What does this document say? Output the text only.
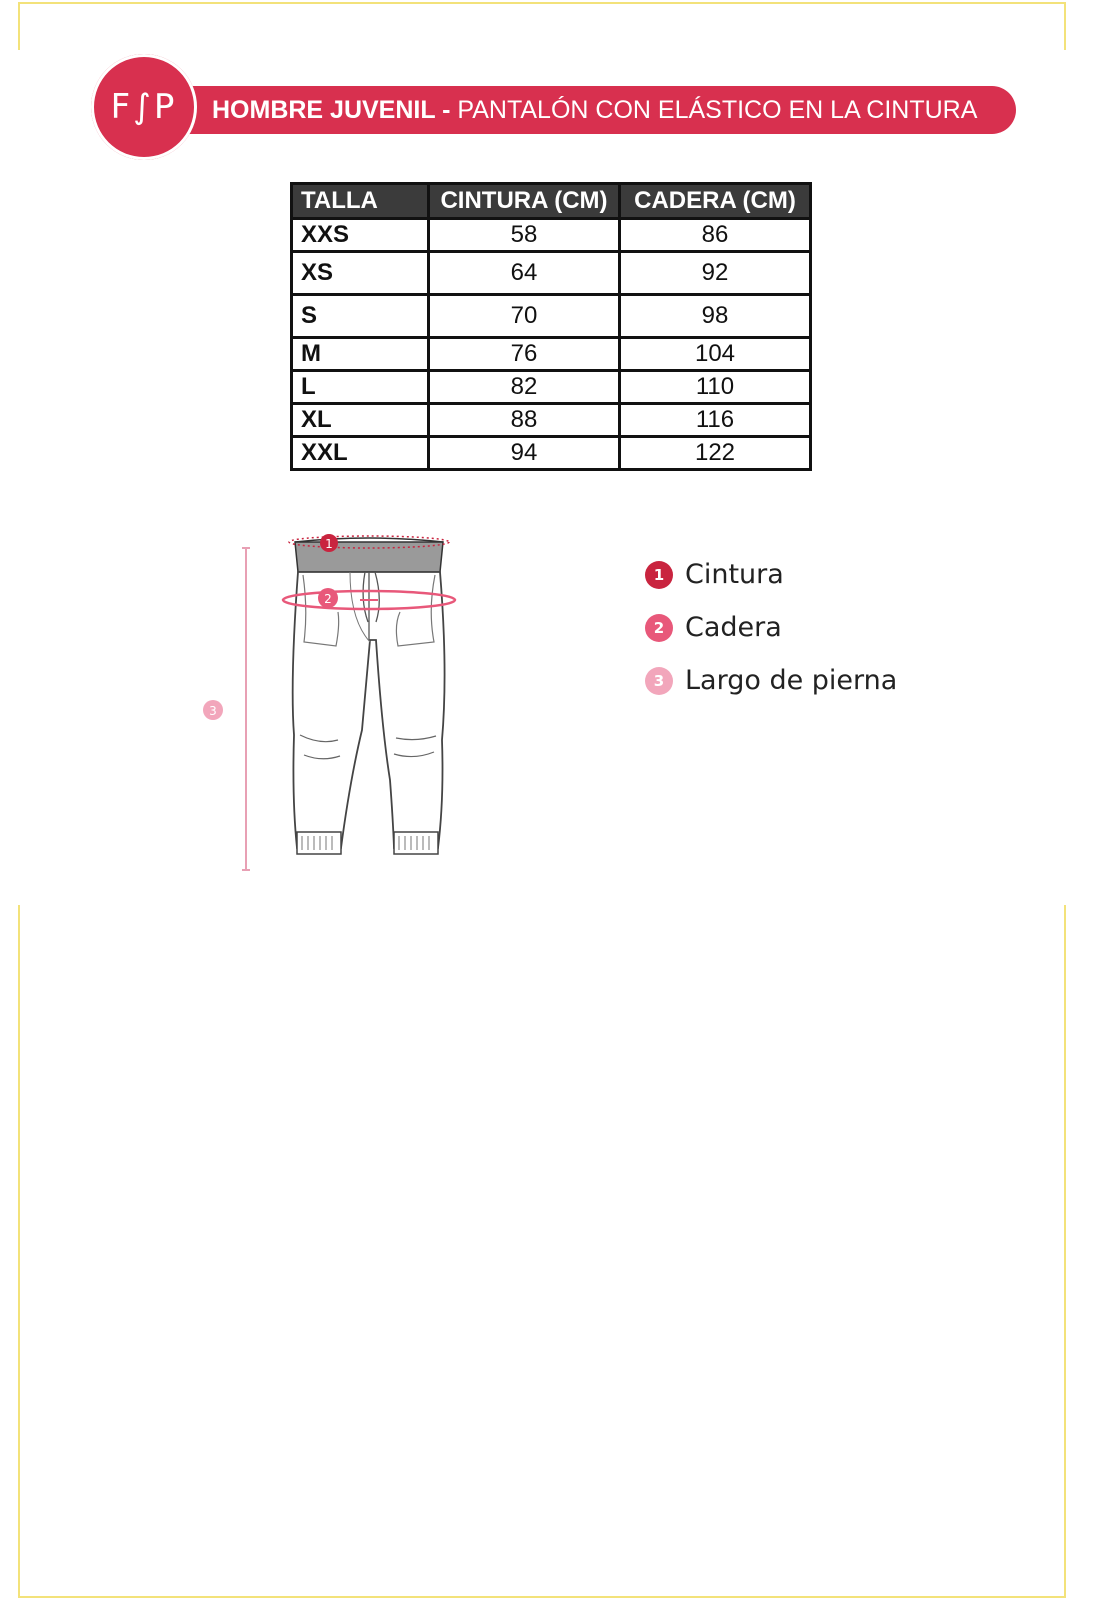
F∫P	HOMBRE JUVENIL - PANTALÓN CON ELÁSTICO EN LA CINTURA
TALLA	CINTURA (CM)	CADERA (CM)
XXS	58	86
XS	64	92
S	70	98
M	76	104
L	82	110
XL	88	116
XXL	94	122
1
2
3
1 Cintura
2 Cadera
3 Largo de pierna
